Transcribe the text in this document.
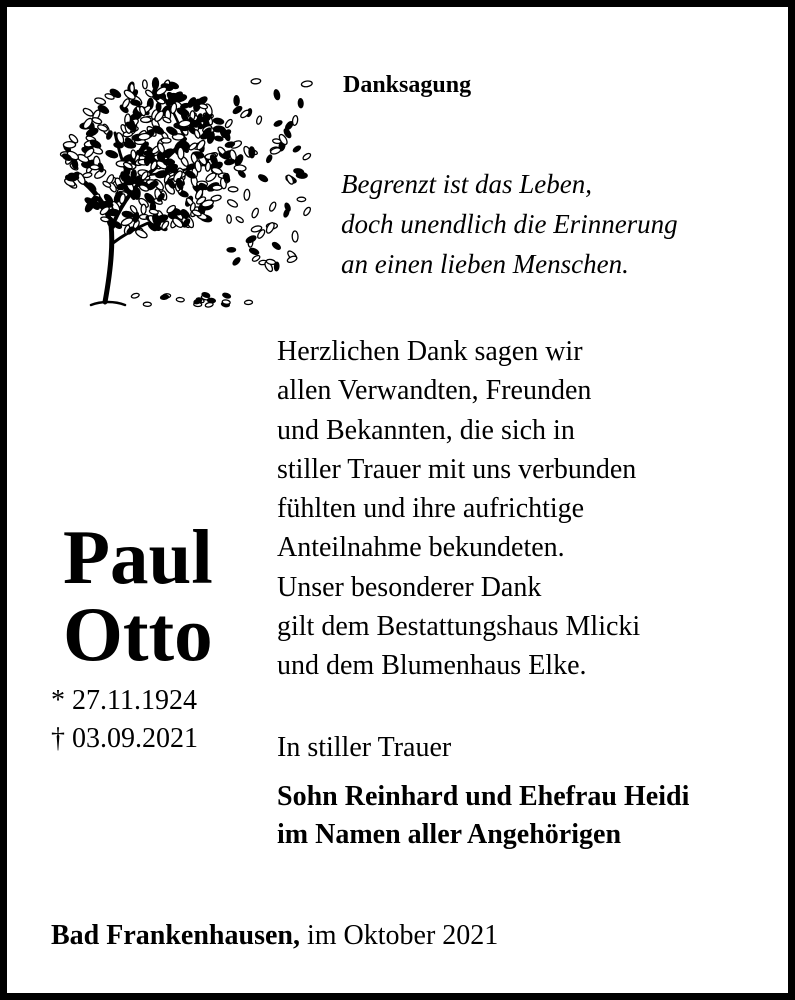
Danksagung
Begrenzt ist das Leben,
doch unendlich die Erinnerung
an einen lieben Menschen.
Herzlichen Dank sagen wir
allen Verwandten, Freunden
und Bekannten, die sich in
stiller Trauer mit uns verbunden
fühlten und ihre aufrichtige
Anteilnahme bekundeten.
Unser besonderer Dank
gilt dem Bestattungshaus Mlicki
und dem Blumenhaus Elke.
Paul
Otto
* 27.11.1924
† 03.09.2021	In stiller Trauer
Sohn Reinhard und Ehefrau Heidi
im Namen aller Angehörigen
Bad Frankenhausen, im Oktober 2021
